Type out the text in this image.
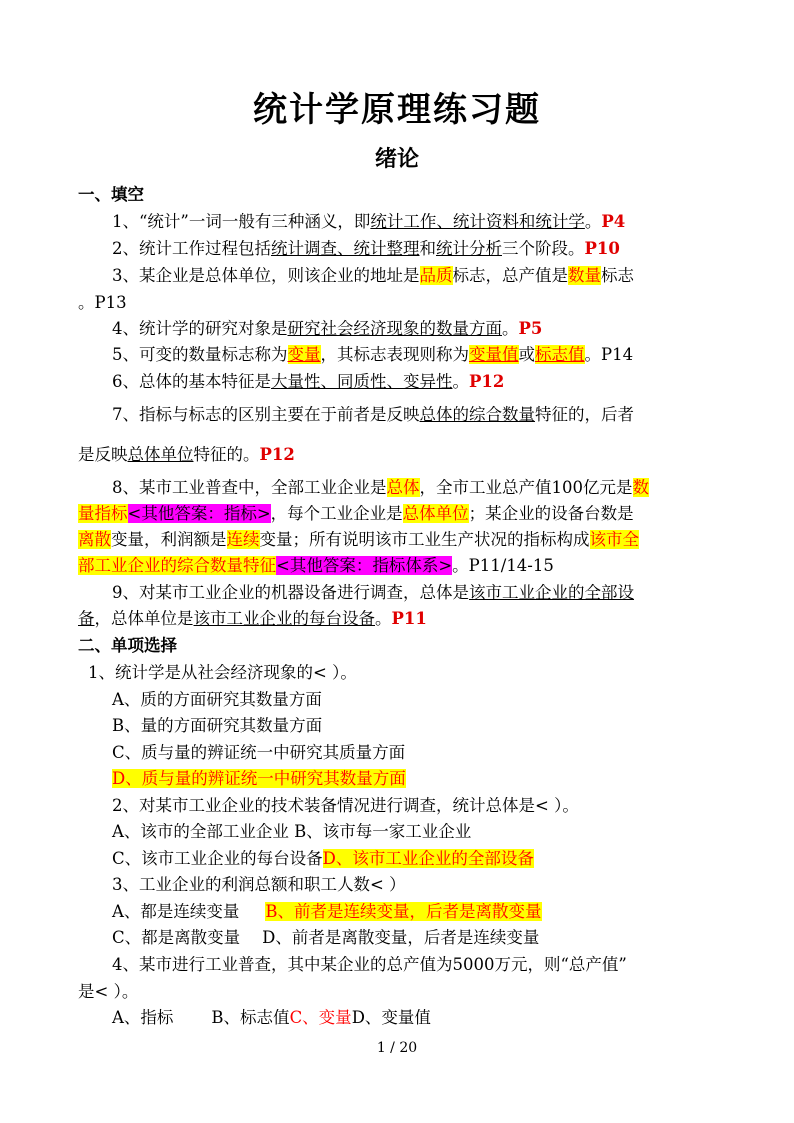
统计学原理练习题
绪论
一、填空
1、“统计”一词一般有三种涵义，即统计工作、统计资料和统计学。P4
2、统计工作过程包括统计调查、统计整理和统计分析三个阶段。P10
3、某企业是总体单位，则该企业的地址是品质标志，总产值是数量标志
。P13
4、统计学的研究对象是研究社会经济现象的数量方面。P5
5、可变的数量标志称为变量，其标志表现则称为变量值或标志值。P14
6、总体的基本特征是大量性、同质性、变异性。P12
7、指标与标志的区别主要在于前者是反映总体的综合数量特征的，后者
是反映总体单位特征的。P12
8、某市工业普查中，全部工业企业是总体，全市工业总产值100亿元是数
量指标<其他答案：指标>，每个工业企业是总体单位；某企业的设备台数是
离散变量，利润额是连续变量；所有说明该市工业生产状况的指标构成该市全
部工业企业的综合数量特征<其他答案：指标体系>。P11/14-15
9、对某市工业企业的机器设备进行调查，总体是该市工业企业的全部设
备，总体单位是该市工业企业的每台设备。P11
二、单项选择
1、统计学是从社会经济现象的< ）。
A、质的方面研究其数量方面
B、量的方面研究其数量方面
C、质与量的辨证统一中研究其质量方面
D、质与量的辨证统一中研究其数量方面
2、对某市工业企业的技术装备情况进行调查，统计总体是< ）。
A、该市的全部工业企业 B、该市每一家工业企业
C、该市工业企业的每台设备D、该市工业企业的全部设备
3、工业企业的利润总额和职工人数< ）
A、都是连续变量 B、前者是连续变量，后者是离散变量
C、都是离散变量 D、前者是离散变量，后者是连续变量
4、某市进行工业普查，其中某企业的总产值为5000万元，则“总产值”
是< ）。
A、指标 B、标志值C、变量D、变量值
1 / 20
